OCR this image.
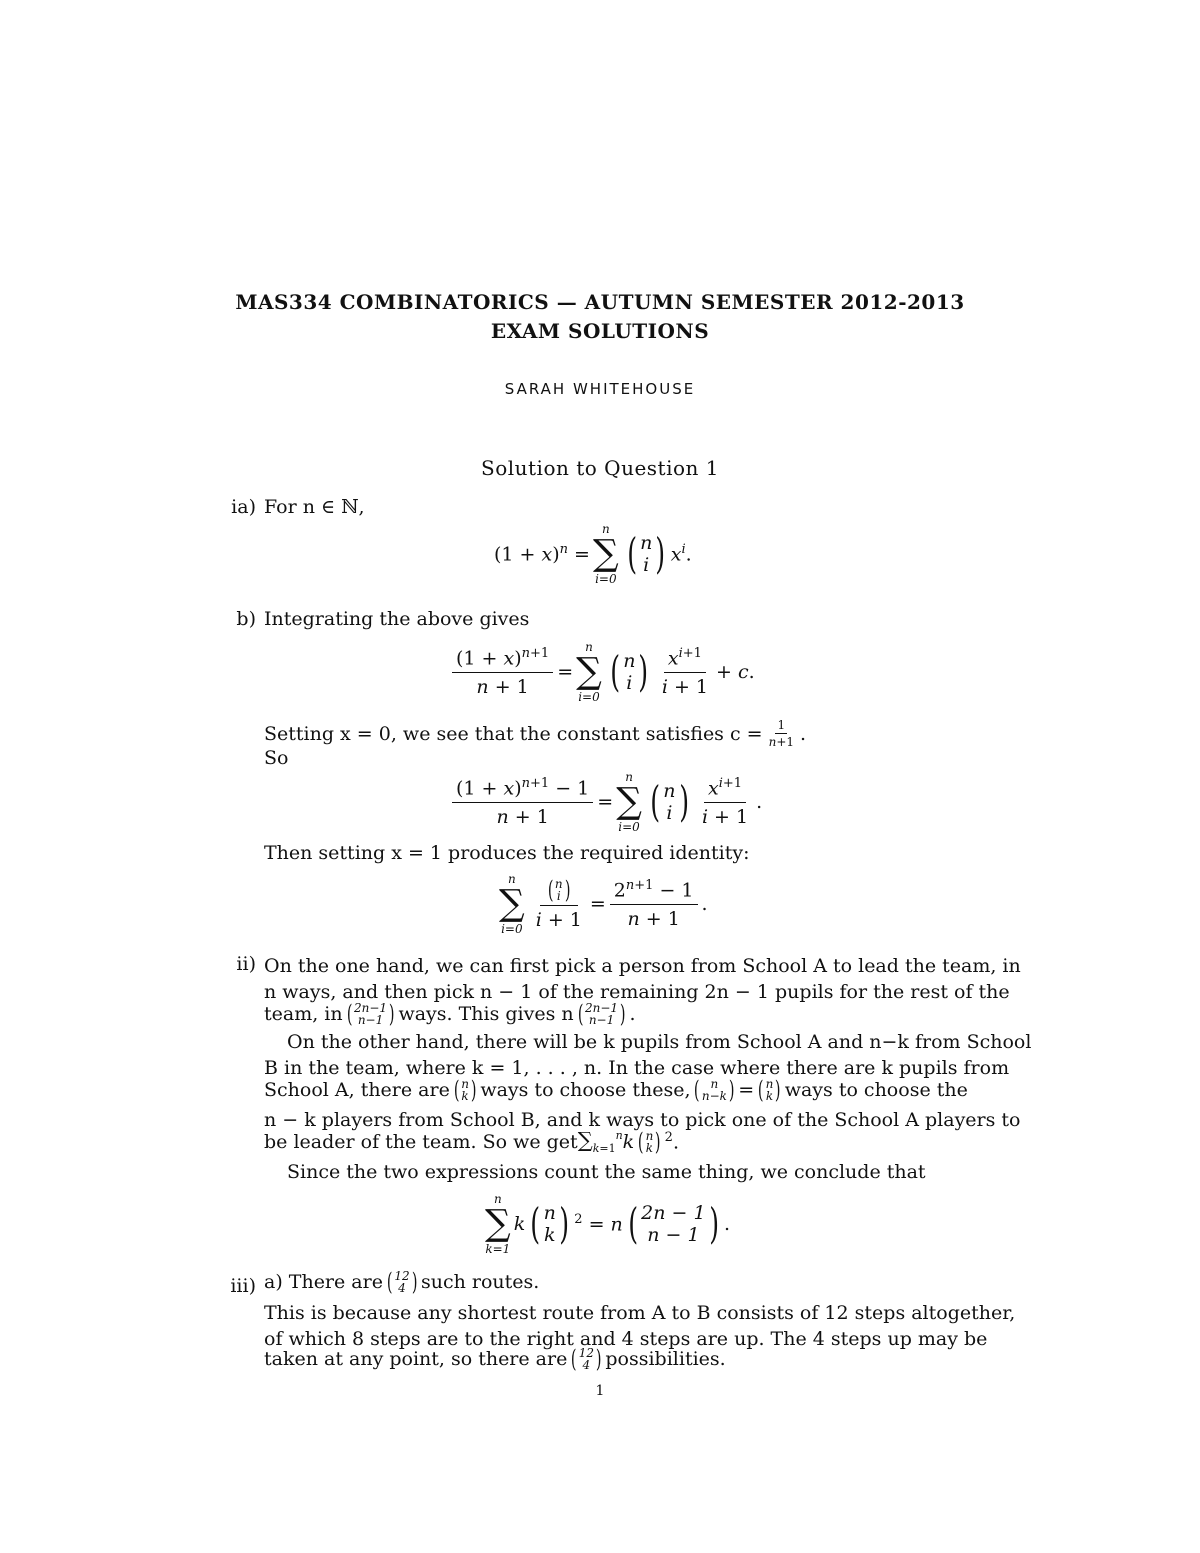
MAS334 COMBINATORICS — AUTUMN SEMESTER 2012-2013
EXAM SOLUTIONS
SARAH WHITEHOUSE
Solution to Question 1
ia) For n ∈ ℕ,
$(1 + x)^n$ =
n
∑
i=0
( n
i ) $x^i$.
b) Integrating the above gives
$\frac{(1 + x)^{n+1}}{n + 1}$ =
n
∑
i=0
( n
i ) $\frac{x^{i+1}}{i + 1} + c$.
Setting x = 0, we see that the constant satisfies $c = \frac{1}{n+1}$ .
So
$\frac{(1 + x)^{n+1} - 1}{n + 1}$ =
n
∑
i=0
( n
i ) $\frac{x^{i+1}}{i + 1}$ .
Then setting x = 1 produces the required identity:
n
∑
i=0 ( n
i )
$i + 1 = \frac{2^{n+1} - 1}{n + 1}$ .
ii) On the one hand, we can first pick a person from School A to lead the team, in
n ways, and then pick n − 1 of the remaining 2n − 1 pupils for the rest of the
team, in ( 2n−1
n−1 ) ways. This gives n ( 2n−1
n−1 ) .
On the other hand, there will be k pupils from School A and n−k from School
B in the team, where k = 1, . . . , n. In the case where there are k pupils from
School A, there are ( n
k ) ways to choose these, ( n
n−k ) = ( n
k ) ways to choose the
n − k players from School B, and k ways to pick one of the School A players to
be leader of the team. So we get $\sum_{k=1}^n$ k ( n
k ) $^2$.
Since the two expressions count the same thing, we conclude that
n
∑
k=1
k ( n
k ) $^2$ = n ( 2n − 1
n − 1 ) .
iii) a) There are ( 12
4 ) such routes.
This is because any shortest route from A to B consists of 12 steps altogether,
of which 8 steps are to the right and 4 steps are up. The 4 steps up may be
taken at any point, so there are ( 12
4 ) possibilities.
1
